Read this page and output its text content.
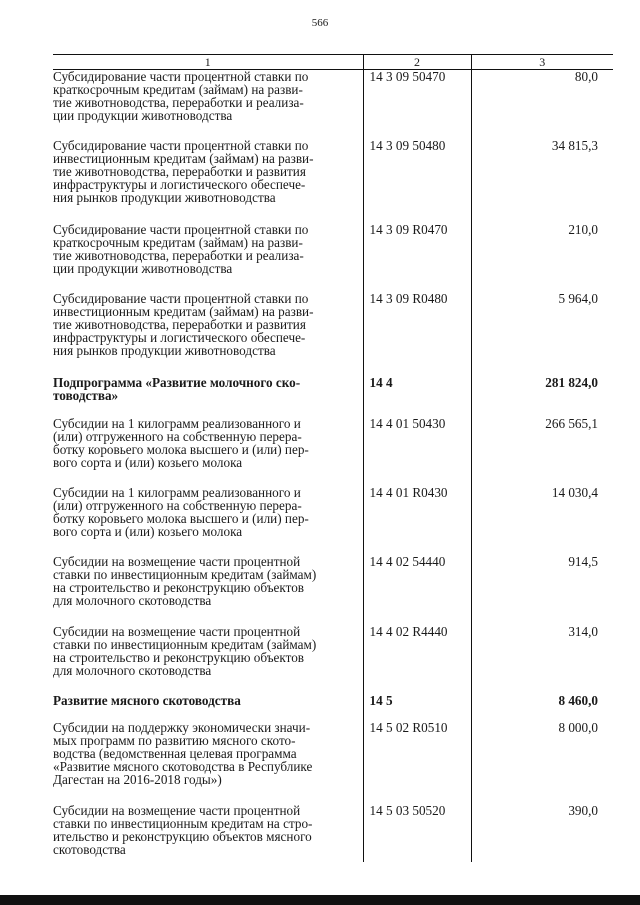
566
1	2	3

Субсидирование части процентной ставки по
краткосрочным кредитам (займам) на разви-
тие животноводства, переработки и реализа-
ции продукции животноводства	14 3 09 50470	80,0

Субсидирование части процентной ставки по
инвестиционным кредитам (займам) на разви-
тие животноводства, переработки и развития
инфраструктуры и логистического обеспече-
ния рынков продукции животноводства	14 3 09 50480	34 815,3

Субсидирование части процентной ставки по
краткосрочным кредитам (займам) на разви-
тие животноводства, переработки и реализа-
ции продукции животноводства	14 3 09 R0470	210,0

Субсидирование части процентной ставки по
инвестиционным кредитам (займам) на разви-
тие животноводства, переработки и развития
инфраструктуры и логистического обеспече-
ния рынков продукции животноводства	14 3 09 R0480	5 964,0

Подпрограмма «Развитие молочного ско-
товодства»	14 4	281 824,0

Субсидии на 1 килограмм реализованного и
(или) отгруженного на собственную перера-
ботку коровьего молока высшего и (или) пер-
вого сорта и (или) козьего молока	14 4 01 50430	266 565,1

Субсидии на 1 килограмм реализованного и
(или) отгруженного на собственную перера-
ботку коровьего молока высшего и (или) пер-
вого сорта и (или) козьего молока	14 4 01 R0430	14 030,4

Субсидии на возмещение части процентной
ставки по инвестиционным кредитам (займам)
на строительство и реконструкцию объектов
для молочного скотоводства	14 4 02 54440	914,5

Субсидии на возмещение части процентной
ставки по инвестиционным кредитам (займам)
на строительство и реконструкцию объектов
для молочного скотоводства	14 4 02 R4440	314,0

Развитие мясного скотоводства	14 5	8 460,0

Субсидии на поддержку экономически значи-
мых программ по развитию мясного ското-
водства (ведомственная целевая программа
«Развитие мясного скотоводства в Республике
Дагестан на 2016-2018 годы»)	14 5 02 R0510	8 000,0

Субсидии на возмещение части процентной
ставки по инвестиционным кредитам на стро-
ительство и реконструкцию объектов мясного
скотоводства	14 5 03 50520	390,0
